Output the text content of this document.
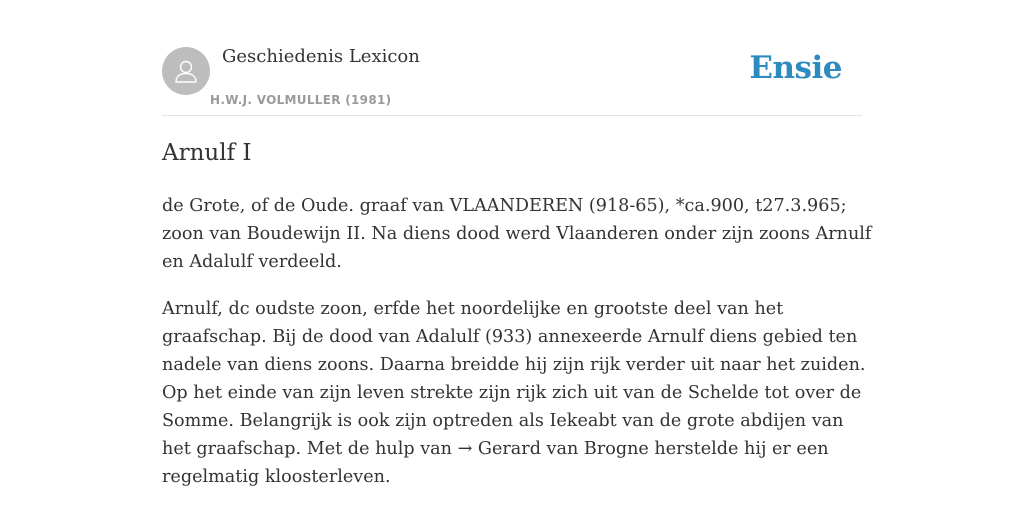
Geschiedenis Lexicon
H.W.J. VOLMULLER (1981)
Ensie
Arnulf I

de Grote, of de Oude. graaf van VLAANDEREN (918-65), *ca.900, t27.3.965; zoon van Boudewijn II. Na diens dood werd Vlaanderen onder zijn zoons Arnulf en Adalulf verdeeld.

Arnulf, dc oudste zoon, erfde het noordelijke en grootste deel van het graafschap. Bij de dood van Adalulf (933) annexeerde Arnulf diens gebied ten nadele van diens zoons. Daarna breidde hij zijn rijk verder uit naar het zuiden. Op het einde van zijn leven strekte zijn rijk zich uit van de Schelde tot over de Somme. Belangrijk is ook zijn optreden als Iekeabt van de grote abdijen van het graafschap. Met de hulp van → Gerard van Brogne herstelde hij er een regelmatig kloosterleven.
